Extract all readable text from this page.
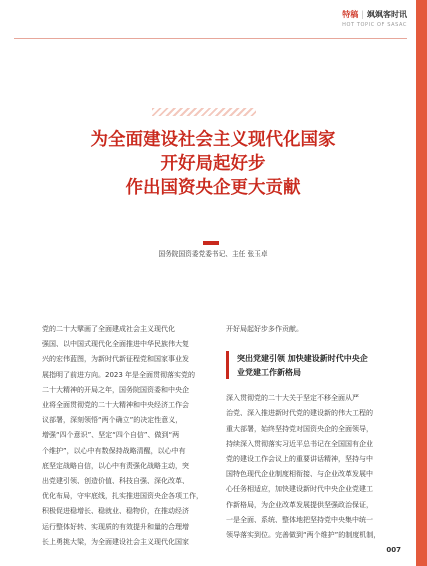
特稿 | 飒飒客时讯
HOT TOPIC OF SASAC
为全面建设社会主义现代化国家
开好局起好步
作出国资央企更大贡献
国务院国资委党委书记、主任 张玉卓

党的二十大擘画了全面建成社会主义现代化
强国、以中国式现代化全面推进中华民族伟大复
兴的宏伟蓝图，为新时代新征程党和国家事业发
展指明了前进方向。2023 年是全面贯彻落实党的
二十大精神的开局之年，国务院国资委和中央企
业将全面贯彻党的二十大精神和中央经济工作会
议部署，深刻领悟“两个确立”的决定性意义，
增强“四个意识”、坚定“四个自信”、做到“两
个维护”，以心中有数保持战略清醒，以心中有
底坚定战略自信，以心中有责强化战略主动，突
出党建引领、创造价值、科技自强、深化改革、
优化布局，守牢底线，扎实推进国资央企各项工作，
积极促进稳增长、稳就业、稳物价，在推动经济
运行整体好转、实现质的有效提升和量的合理增
长上勇挑大梁，为全面建设社会主义现代化国家

开好局起好步多作贡献。

突出党建引领 加快建设新时代中央企
业党建工作新格局

深入贯彻党的二十大关于坚定不移全面从严
治党、深入推进新时代党的建设新的伟大工程的
重大部署，始终坚持党对国资央企的全面领导，
持续深入贯彻落实习近平总书记在全国国有企业
党的建设工作会议上的重要讲话精神，坚持与中
国特色现代企业制度相衔接、与企业改革发展中
心任务相适应，加快建设新时代中央企业党建工
作新格局，为企业改革发展提供坚强政治保证，
一是全面、系统、整体地把坚持党中央集中统一
领导落实到位。完善做到“两个维护”的制度机制，

007
